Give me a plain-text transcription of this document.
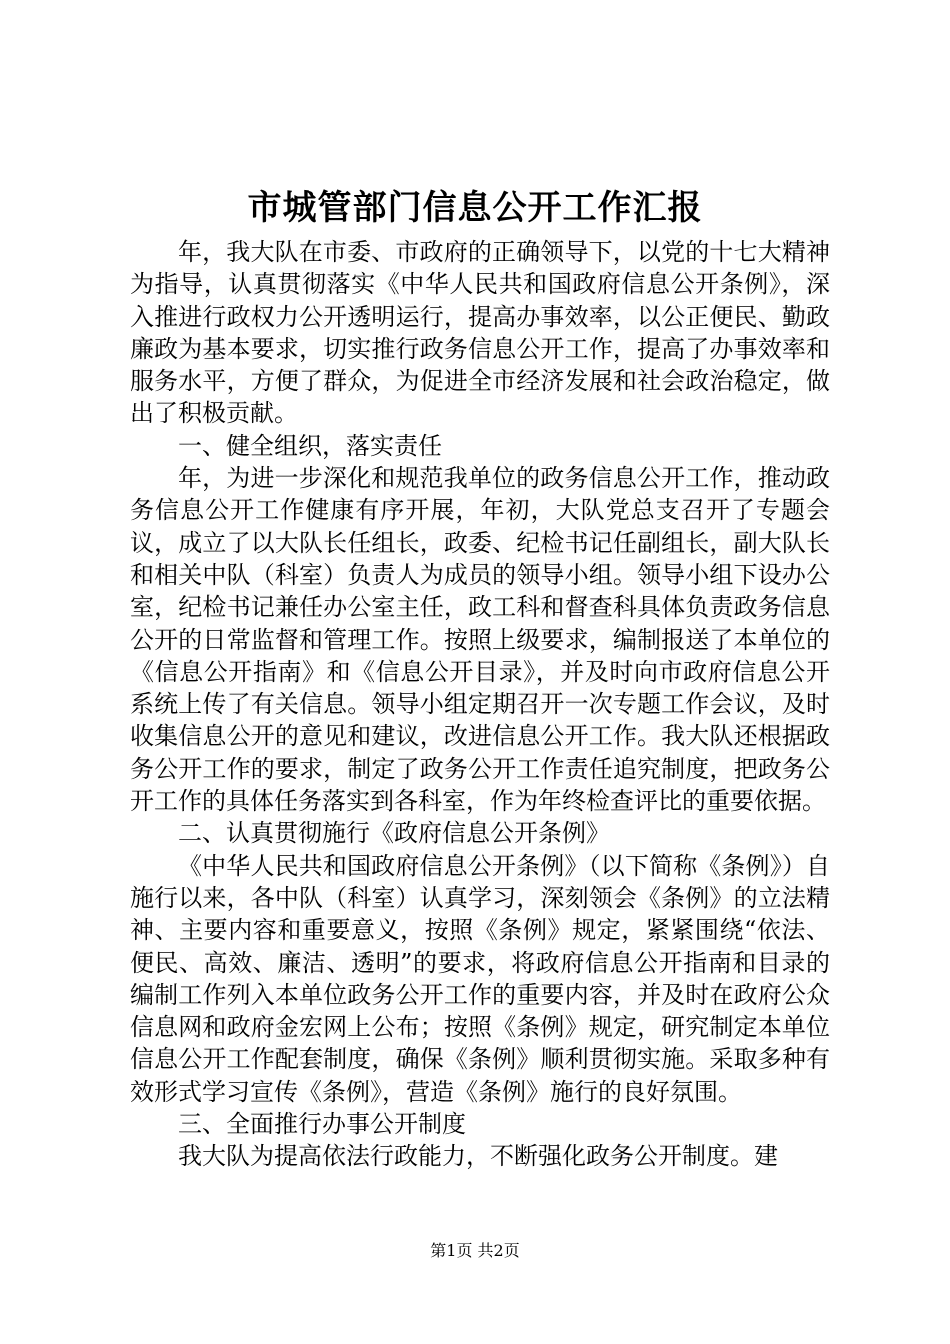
市城管部门信息公开工作汇报

年，我大队在市委、市政府的正确领导下，以党的十七大精神为指导，认真贯彻落实《中华人民共和国政府信息公开条例》，深入推进行政权力公开透明运行，提高办事效率，以公正便民、勤政廉政为基本要求，切实推行政务信息公开工作，提高了办事效率和服务水平，方便了群众，为促进全市经济发展和社会政治稳定，做出了积极贡献。

一、健全组织，落实责任

年，为进一步深化和规范我单位的政务信息公开工作，推动政务信息公开工作健康有序开展，年初，大队党总支召开了专题会议，成立了以大队长任组长，政委、纪检书记任副组长，副大队长和相关中队（科室）负责人为成员的领导小组。领导小组下设办公室，纪检书记兼任办公室主任，政工科和督查科具体负责政务信息公开的日常监督和管理工作。按照上级要求，编制报送了本单位的《信息公开指南》和《信息公开目录》，并及时向市政府信息公开系统上传了有关信息。领导小组定期召开一次专题工作会议，及时收集信息公开的意见和建议，改进信息公开工作。我大队还根据政务公开工作的要求，制定了政务公开工作责任追究制度，把政务公开工作的具体任务落实到各科室，作为年终检查评比的重要依据。

二、认真贯彻施行《政府信息公开条例》

《中华人民共和国政府信息公开条例》（以下简称《条例》）自施行以来，各中队（科室）认真学习，深刻领会《条例》的立法精神、主要内容和重要意义，按照《条例》规定，紧紧围绕“依法、便民、高效、廉洁、透明”的要求，将政府信息公开指南和目录的编制工作列入本单位政务公开工作的重要内容，并及时在政府公众信息网和政府金宏网上公布；按照《条例》规定，研究制定本单位信息公开工作配套制度，确保《条例》顺利贯彻实施。采取多种有效形式学习宣传《条例》，营造《条例》施行的良好氛围。

三、全面推行办事公开制度

我大队为提高依法行政能力，不断强化政务公开制度。建

第1页 共2页
